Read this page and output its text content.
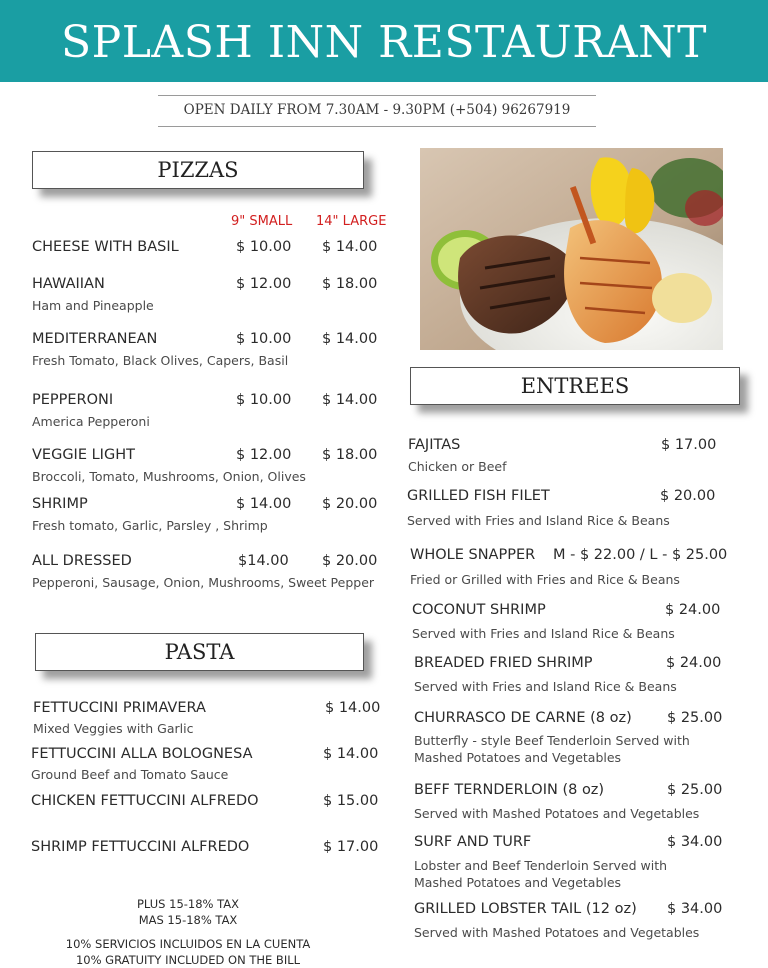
SPLASH INN RESTAURANT
OPEN DAILY FROM 7.30AM - 9.30PM (+504) 96267919
PIZZAS
9" SMALL 14" LARGE
CHEESE WITH BASIL	$ 10.00 $ 14.00
HAWAIIAN
Ham and Pineapple
$ 12.00 $ 18.00
MEDITERRANEAN
Fresh Tomato, Black Olives, Capers, Basil
$ 10.00 $ 14.00
PEPPERONI
America Pepperoni
$ 10.00 $ 14.00
VEGGIE LIGHT
Broccoli, Tomato, Mushrooms, Onion, Olives
$ 12.00 $ 18.00
SHRIMP
Fresh tomato, Garlic, Parsley , Shrimp
$ 14.00 $ 20.00
ALL DRESSED
Pepperoni, Sausage, Onion, Mushrooms, Sweet Pepper
$14.00 $ 20.00
PASTA
FETTUCCINI PRIMAVERA
Mixed Veggies with Garlic
$ 14.00
FETTUCCINI ALLA BOLOGNESA
Ground Beef and Tomato Sauce
$ 14.00
CHICKEN FETTUCCINI ALFREDO	$ 15.00
SHRIMP FETTUCCINI ALFREDO	$ 17.00
PLUS 15-18% TAX
MAS 15-18% TAX
10% SERVICIOS INCLUIDOS EN LA CUENTA
10% GRATUITY INCLUDED ON THE BILL
ENTREES
FAJITAS
Chicken or Beef
$ 17.00
GRILLED FISH FILET
Served with Fries and Island Rice & Beans
$ 20.00
WHOLE SNAPPER
Fried or Grilled with Fries and Rice & Beans
M - $ 22.00 / L - $ 25.00
COCONUT SHRIMP
Served with Fries and Island Rice & Beans
$ 24.00
BREADED FRIED SHRIMP
Served with Fries and Island Rice & Beans
$ 24.00
CHURRASCO DE CARNE (8 oz)
Butterfly - style Beef Tenderloin Served with
Mashed Potatoes and Vegetables
$ 25.00
BEFF TERNDERLOIN (8 oz)
Served with Mashed Potatoes and Vegetables
$ 25.00
SURF AND TURF
Lobster and Beef Tenderloin Served with
Mashed Potatoes and Vegetables
$ 34.00
GRILLED LOBSTER TAIL (12 oz)
Served with Mashed Potatoes and Vegetables
$ 34.00
